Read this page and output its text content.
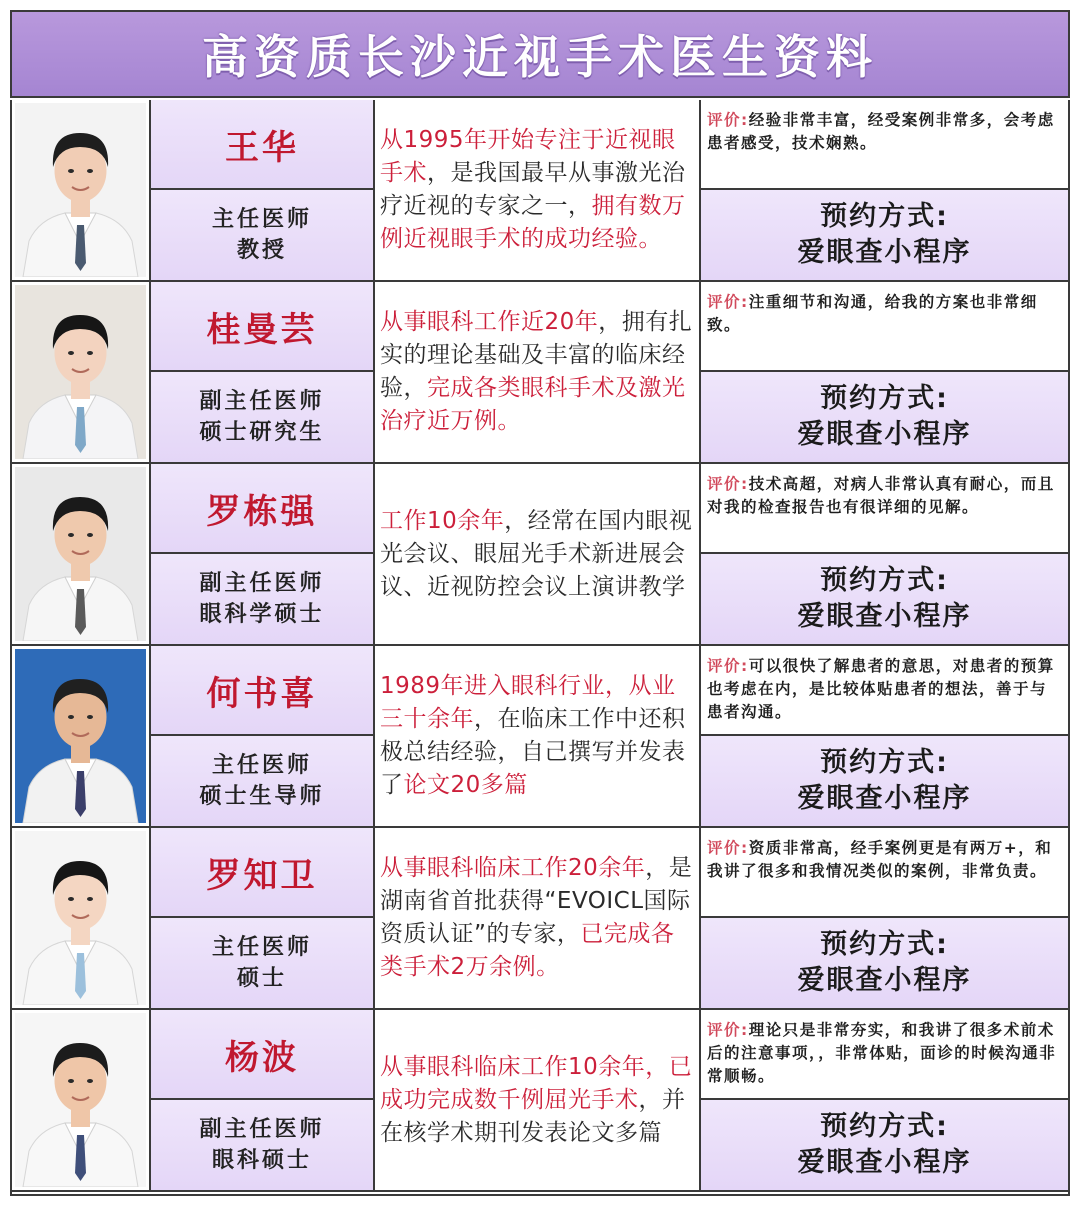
高资质长沙近视手术医生资料
王华
主任医师
教授
从1995年开始专注于近视眼手术，是我国最早从事激光治疗近视的专家之一，拥有数万例近视眼手术的成功经验。
评价:经验非常丰富，经受案例非常多，会考虑患者感受，技术娴熟。
预约方式:
爱眼查小程序
桂曼芸
副主任医师
硕士研究生
从事眼科工作近20年，拥有扎实的理论基础及丰富的临床经验，完成各类眼科手术及激光治疗近万例。
评价:注重细节和沟通，给我的方案也非常细致。
预约方式:
爱眼查小程序
罗栋强
副主任医师
眼科学硕士
工作10余年，经常在国内眼视光会议、眼屈光手术新进展会议、近视防控会议上演讲教学
评价:技术高超，对病人非常认真有耐心，而且对我的检查报告也有很详细的见解。
预约方式:
爱眼查小程序
何书喜
主任医师
硕士生导师
1989年进入眼科行业，从业三十余年，在临床工作中还积极总结经验，自己撰写并发表了论文20多篇
评价:可以很快了解患者的意思，对患者的预算也考虑在内，是比较体贴患者的想法，善于与患者沟通。
预约方式:
爱眼查小程序
罗知卫
主任医师
硕士
从事眼科临床工作20余年，是湖南省首批获得“EVOICL国际资质认证”的专家，已完成各类手术2万余例。
评价:资质非常高，经手案例更是有两万+，和我讲了很多和我情况类似的案例，非常负责。
预约方式:
爱眼查小程序
杨波
副主任医师
眼科硕士
从事眼科临床工作10余年，已成功完成数千例屈光手术，并在核学术期刊发表论文多篇
评价:理论只是非常夯实，和我讲了很多术前术后的注意事项，，非常体贴，面诊的时候沟通非常顺畅。
预约方式:
爱眼查小程序
